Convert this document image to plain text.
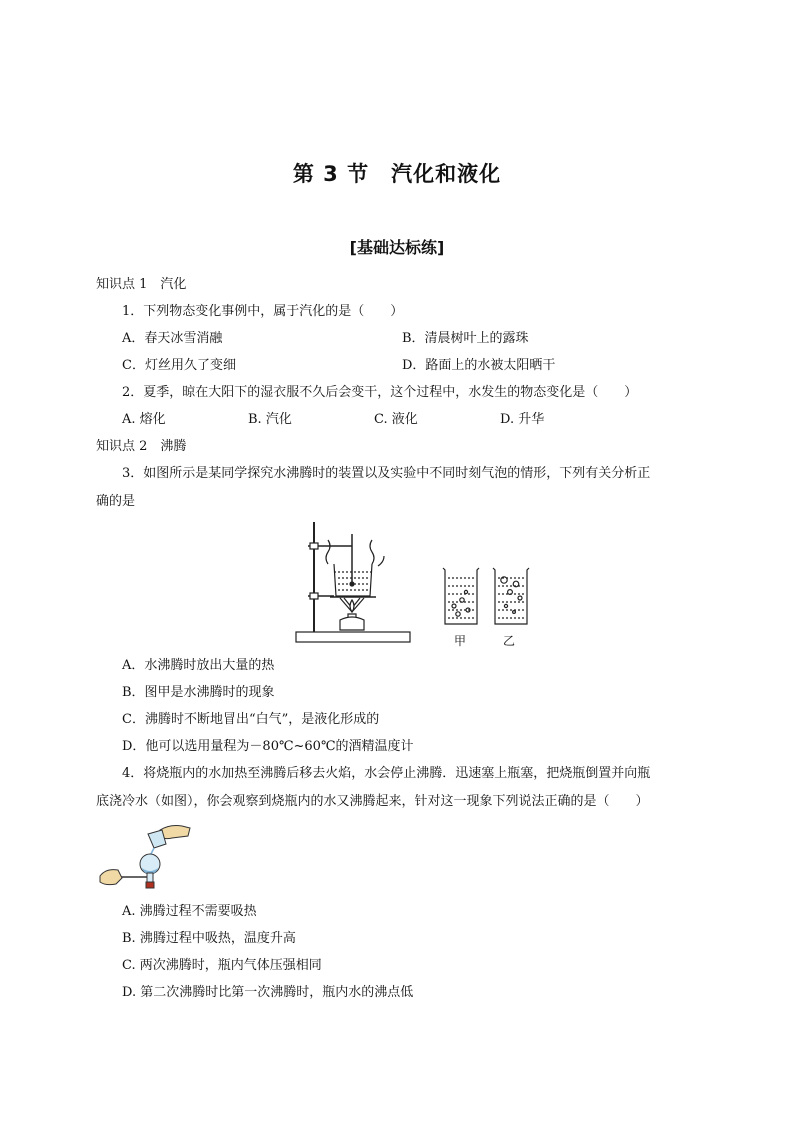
第 3 节　汽化和液化
[基础达标练]
知识点 1　汽化
1．下列物态变化事例中，属于汽化的是（　　）
A．春天冰雪消融	B．清晨树叶上的露珠
C．灯丝用久了变细	D．路面上的水被太阳晒干
2．夏季，晾在大阳下的湿衣服不久后会变干，这个过程中，水发生的物态变化是（　　）
A. 熔化	B. 汽化	C. 液化	D. 升华
知识点 2　沸腾
3．如图所示是某同学探究水沸腾时的装置以及实验中不同时刻气泡的情形，下列有关分析正
确的是
甲	乙
A．水沸腾时放出大量的热
B．图甲是水沸腾时的现象
C．沸腾时不断地冒出“白气”，是液化形成的
D．他可以选用量程为－80℃~60℃的酒精温度计
4．将烧瓶内的水加热至沸腾后移去火焰，水会停止沸腾．迅速塞上瓶塞，把烧瓶倒置并向瓶
底浇冷水（如图），你会观察到烧瓶内的水又沸腾起来，针对这一现象下列说法正确的是（　　）
A. 沸腾过程不需要吸热
B. 沸腾过程中吸热，温度升高
C. 两次沸腾时，瓶内气体压强相同
D. 第二次沸腾时比第一次沸腾时，瓶内水的沸点低
